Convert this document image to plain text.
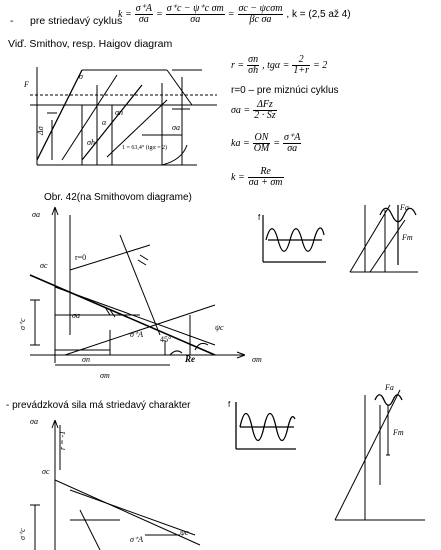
- pre striedavý cyklus
$k = \frac{\sigma^+A}{\sigma a} = \frac{\text{σ⁺c − ψ⁺c σm}}{\sigma a} = \frac{\text{σc − ψcσm}}{\text{βc σa}}$ , k = (2,5 až 4)
Viď. Smithov, resp. Haigov diagram
$r = \frac{\sigma n}{\sigma h}$ , $tg\alpha = \frac{2}{1+r} = 2$
r=0 – pre miznúci cyklus
$\sigma a = \frac{\text{ΔFz}}{2 \cdot Sz}$
ka = $\frac{ON}{OM} = \frac{\sigma^+A}{\sigma a}$
$k = \frac{Re}{\sigma a + \sigma m}$
F
σ
Δσ
σh
α
σn
σa
1 = 63,4° (tgα = 2)
Obr. 42(na Smithovom diagrame)
σa
σc
r=0
σ⁺c
σ⁺A
σa
σn
σm
σm
45°
ψc
Re
f
Fm
Fa
- prevádzková sila má striedavý charakter	f
Fm
Fa
σa
r = -1
σc
σ⁺c	σ⁺A
ψc
